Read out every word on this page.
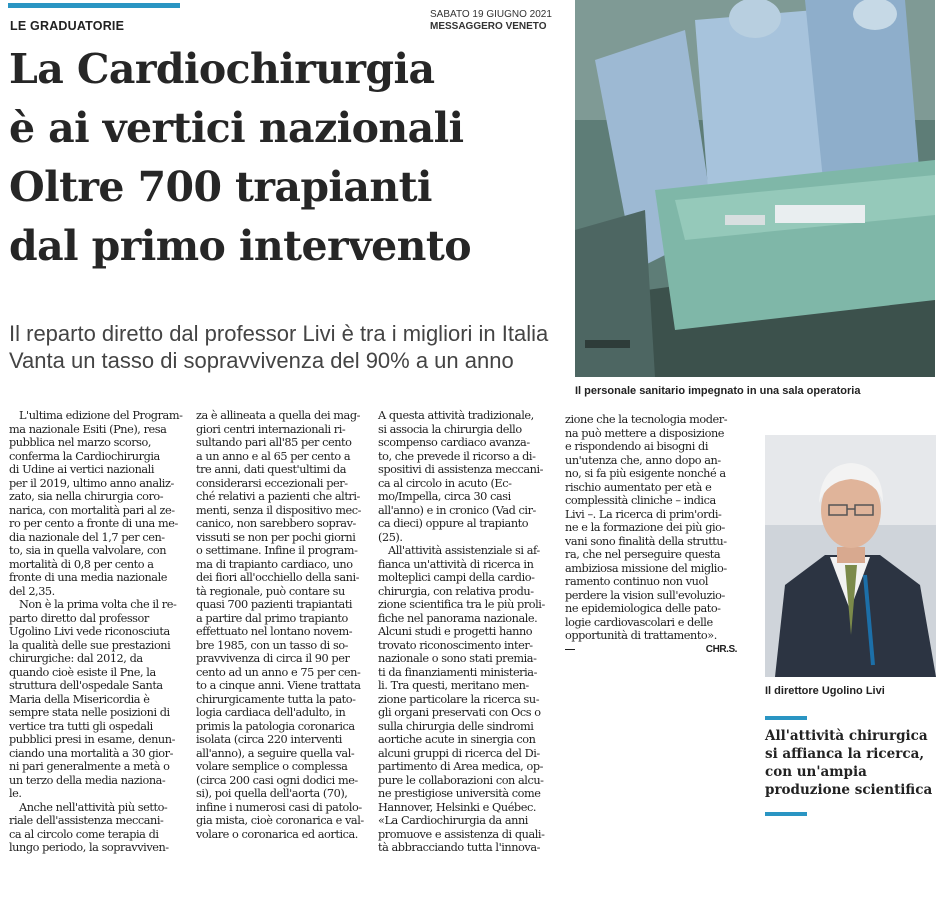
LE GRADUATORIE
SABATO 19 GIUGNO 2021
MESSAGGERO VENETO
La Cardiochirurgia
è ai vertici nazionali
Oltre 700 trapianti
dal primo intervento
Il reparto diretto dal professor Livi è tra i migliori in Italia
Vanta un tasso di sopravvivenza del 90% a un anno
Il personale sanitario impegnato in una sala operatoria
Il direttore Ugolino Livi
All'attività chirurgica
si affianca la ricerca,
con un'ampia
produzione scientifica
L'ultima edizione del Program-
ma nazionale Esiti (Pne), resa
pubblica nel marzo scorso,
conferma la Cardiochirurgia
di Udine ai vertici nazionali
per il 2019, ultimo anno analiz-
zato, sia nella chirurgia coro-
narica, con mortalità pari al ze-
ro per cento a fronte di una me-
dia nazionale del 1,7 per cen-
to, sia in quella valvolare, con
mortalità di 0,8 per cento a
fronte di una media nazionale
del 2,35.
Non è la prima volta che il re-
parto diretto dal professor
Ugolino Livi vede riconosciuta
la qualità delle sue prestazioni
chirurgiche: dal 2012, da
quando cioè esiste il Pne, la
struttura dell'ospedale Santa
Maria della Misericordia è
sempre stata nelle posizioni di
vertice tra tutti gli ospedali
pubblici presi in esame, denun-
ciando una mortalità a 30 gior-
ni pari generalmente a metà o
un terzo della media naziona-
le.
Anche nell'attività più setto-
riale dell'assistenza meccani-
ca al circolo come terapia di
lungo periodo, la sopravviven-
za è allineata a quella dei mag-
giori centri internazionali ri-
sultando pari all'85 per cento
a un anno e al 65 per cento a
tre anni, dati quest'ultimi da
considerarsi eccezionali per-
ché relativi a pazienti che altri-
menti, senza il dispositivo mec-
canico, non sarebbero soprav-
vissuti se non per pochi giorni
o settimane. Infine il program-
ma di trapianto cardiaco, uno
dei fiori all'occhiello della sani-
tà regionale, può contare su
quasi 700 pazienti trapiantati
a partire dal primo trapianto
effettuato nel lontano novem-
bre 1985, con un tasso di so-
pravvivenza di circa il 90 per
cento ad un anno e 75 per cen-
to a cinque anni. Viene trattata
chirurgicamente tutta la pato-
logia cardiaca dell'adulto, in
primis la patologia coronarica
isolata (circa 220 interventi
all'anno), a seguire quella val-
volare semplice o complessa
(circa 200 casi ogni dodici me-
si), poi quella dell'aorta (70),
infine i numerosi casi di patolo-
gia mista, cioè coronarica e val-
volare o coronarica ed aortica.
A questa attività tradizionale,
si associa la chirurgia dello
scompenso cardiaco avanza-
to, che prevede il ricorso a di-
spositivi di assistenza meccani-
ca al circolo in acuto (Ec-
mo/Impella, circa 30 casi
all'anno) e in cronico (Vad cir-
ca dieci) oppure al trapianto
(25).
All'attività assistenziale si af-
fianca un'attività di ricerca in
molteplici campi della cardio-
chirurgia, con relativa produ-
zione scientifica tra le più proli-
fiche nel panorama nazionale.
Alcuni studi e progetti hanno
trovato riconoscimento inter-
nazionale o sono stati premia-
ti da finanziamenti ministeria-
li. Tra questi, meritano men-
zione particolare la ricerca su-
gli organi preservati con Ocs o
sulla chirurgia delle sindromi
aortiche acute in sinergia con
alcuni gruppi di ricerca del Di-
partimento di Area medica, op-
pure le collaborazioni con alcu-
ne prestigiose università come
Hannover, Helsinki e Québec.
«La Cardiochirurgia da anni
promuove e assistenza di quali-
tà abbracciando tutta l'innova-
zione che la tecnologia moder-
na può mettere a disposizione
e rispondendo ai bisogni di
un'utenza che, anno dopo an-
no, si fa più esigente nonché a
rischio aumentato per età e
complessità cliniche – indica
Livi –. La ricerca di prim'ordi-
ne e la formazione dei più gio-
vani sono finalità della struttu-
ra, che nel perseguire questa
ambiziosa missione del miglio-
ramento continuo non vuol
perdere la vision sull'evoluzio-
ne epidemiologica delle pato-
logie cardiovascolari e delle
opportunità di trattamento».
—	CHR.S.
